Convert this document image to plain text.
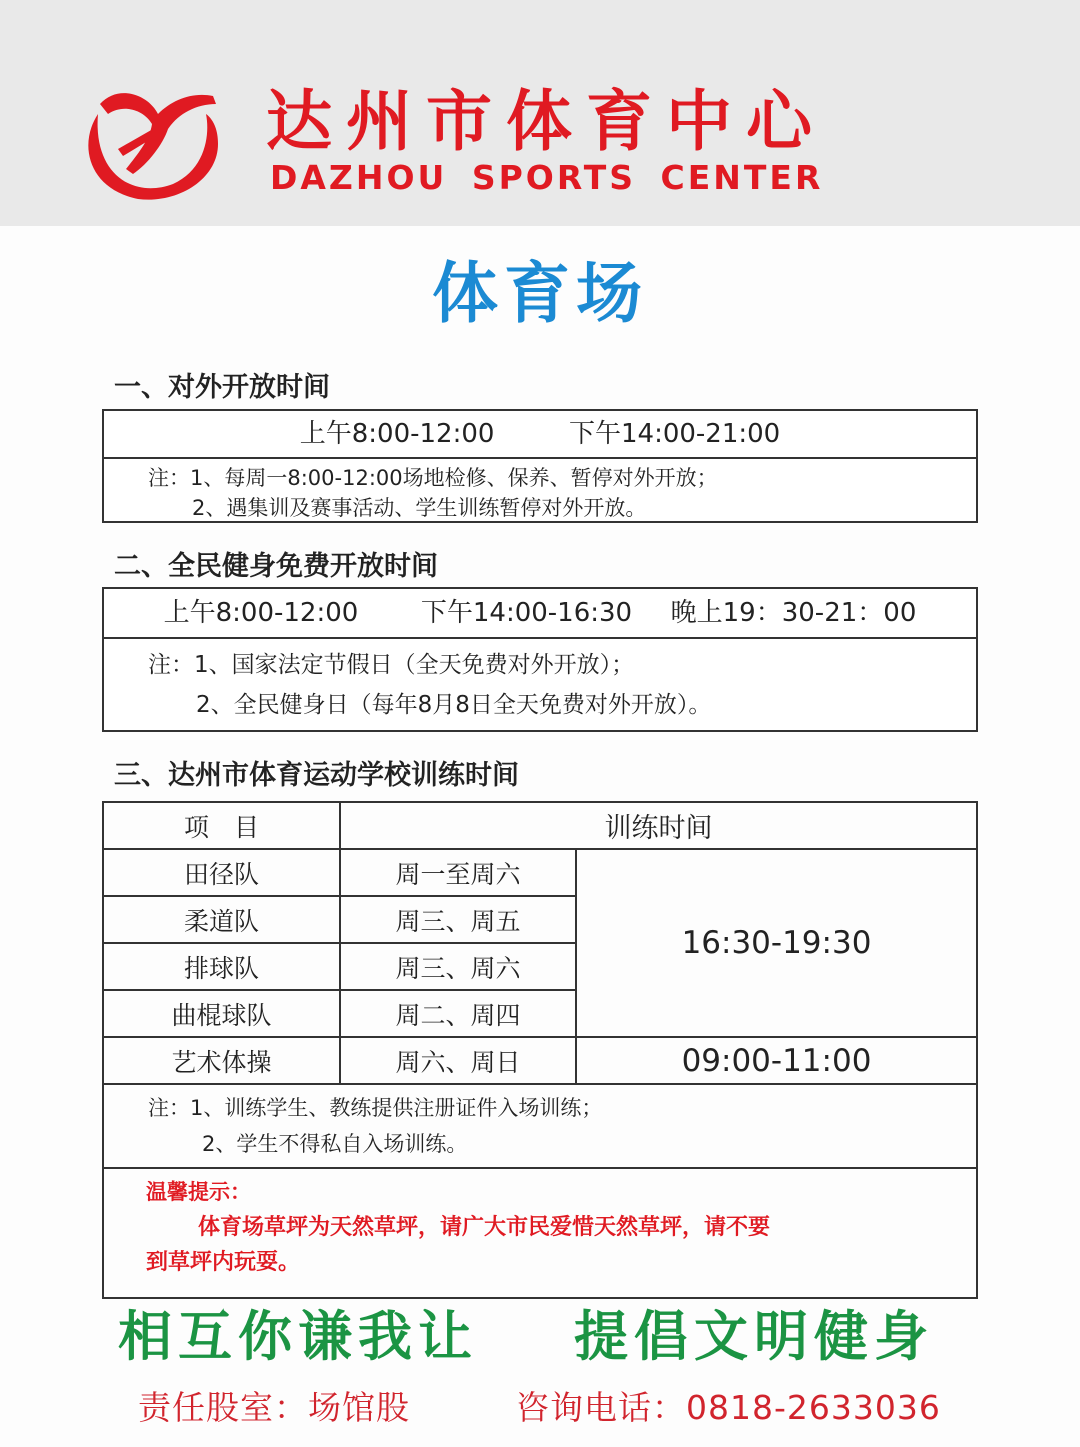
达州市体育中心
DAZHOU SPORTS CENTER
体育场
一、对外开放时间
上午8:00-12:00	下午14:00-21:00
注：1、每周一8:00-12:00场地检修、保养、暂停对外开放；
2、遇集训及赛事活动、学生训练暂停对外开放。
二、全民健身免费开放时间
上午8:00-12:00 下午14:00-16:30 晚上19：30-21：00
注：1、国家法定节假日（全天免费对外开放）；
2、全民健身日（每年8月8日全天免费对外开放）。
三、达州市体育运动学校训练时间
项　目	训练时间	
田径队	周一至周六	16:30-19:30
柔道队	周三、周五	
排球队	周三、周六	
曲棍球队	周二、周四	
艺术体操	周六、周日	09:00-11:00

注：1、训练学生、教练提供注册证件入场训练；
2、学生不得私自入场训练。		

温馨提示：
体育场草坪为天然草坪，请广大市民爱惜天然草坪，请不要
到草坪内玩耍。		
相互你谦我让 提倡文明健身
责任股室：场馆股	咨询电话：0818-2633036
